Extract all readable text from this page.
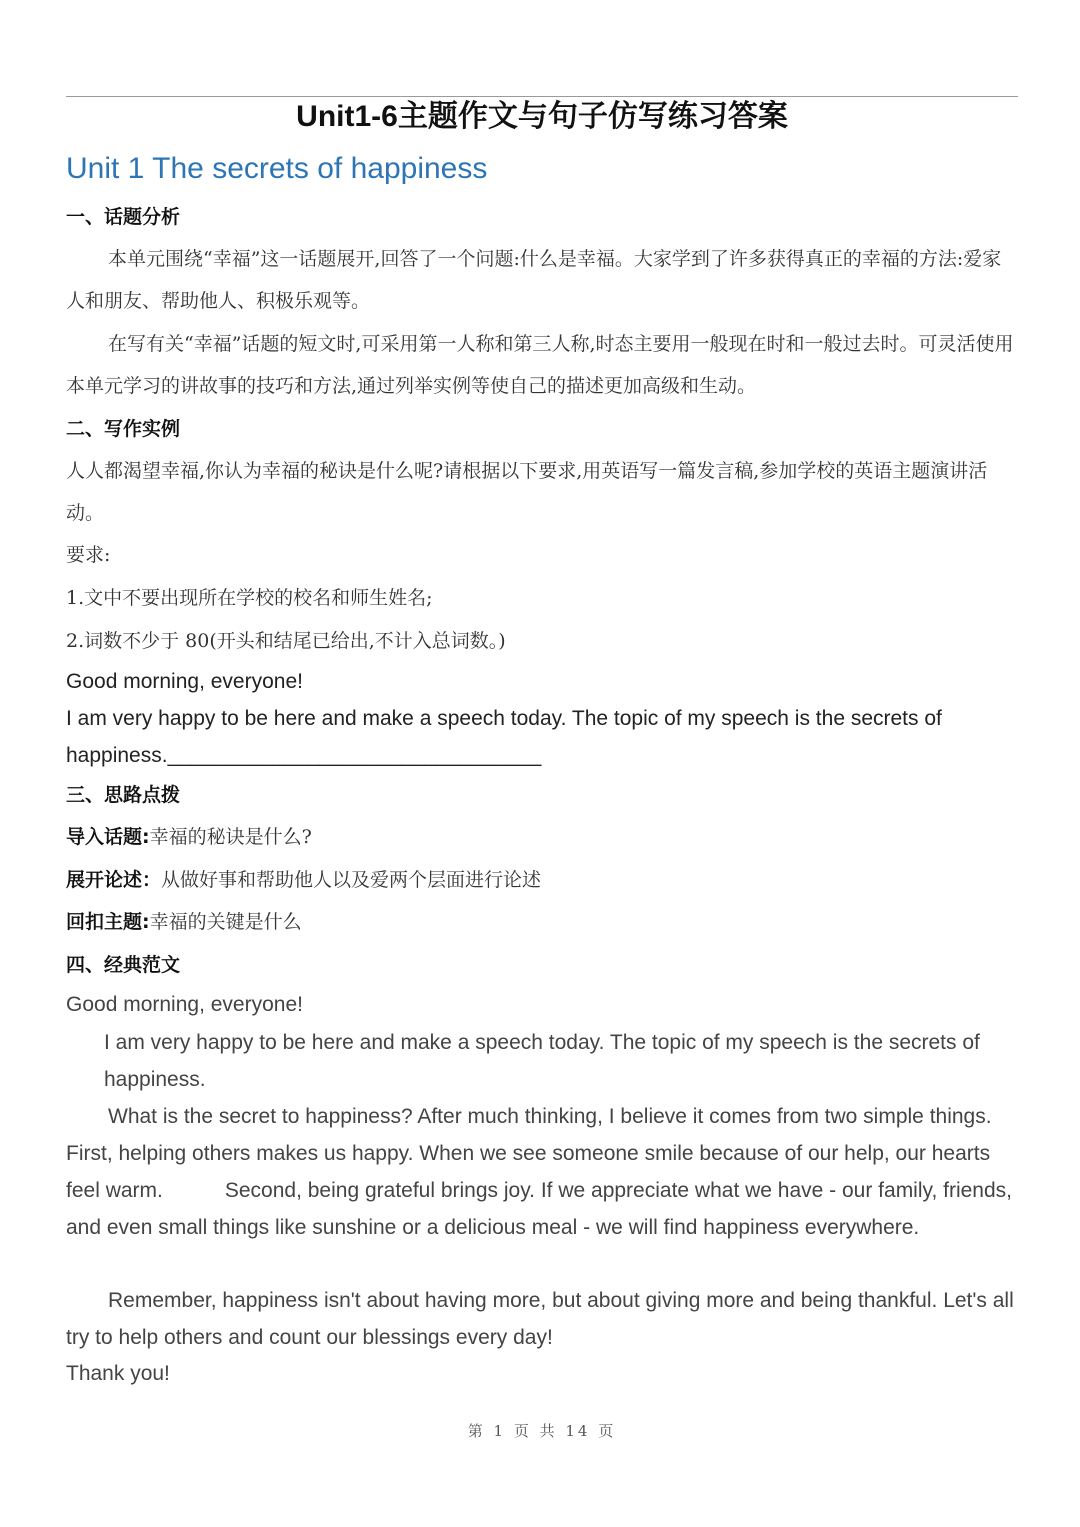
Unit1-6主题作文与句子仿写练习答案
Unit 1 The secrets of happiness
一、话题分析
本单元围绕“幸福”这一话题展开,回答了一个问题:什么是幸福。大家学到了许多获得真正的幸福的方法:爱家人和朋友、帮助他人、积极乐观等。
在写有关“幸福”话题的短文时,可采用第一人称和第三人称,时态主要用一般现在时和一般过去时。可灵活使用本单元学习的讲故事的技巧和方法,通过列举实例等使自己的描述更加高级和生动。
二、写作实例
人人都渴望幸福,你认为幸福的秘诀是什么呢?请根据以下要求,用英语写一篇发言稿,参加学校的英语主题演讲活动。
要求:
1.文中不要出现所在学校的校名和师生姓名;
2.词数不少于 80(开头和结尾已给出,不计入总词数。)
Good morning, everyone!
I am very happy to be here and make a speech today. The topic of my speech is the secrets of happiness.________________________________
三、思路点拨
导入话题:幸福的秘诀是什么?
展开论述：从做好事和帮助他人以及爱两个层面进行论述
回扣主题:幸福的关键是什么
四、经典范文
Good morning, everyone!
I am very happy to be here and make a speech today. The topic of my speech is the secrets of happiness.
What is the secret to happiness? After much thinking, I believe it comes from two simple things. First, helping others makes us happy. When we see someone smile because of our help, our hearts feel warm.	Second, being grateful brings joy. If we appreciate what we have - our family, friends, and even small things like sunshine or a delicious meal - we will find happiness everywhere.
Remember, happiness isn't about having more, but about giving more and being thankful. Let's all try to help others and count our blessings every day!
Thank you!
第 1 页 共 14 页
